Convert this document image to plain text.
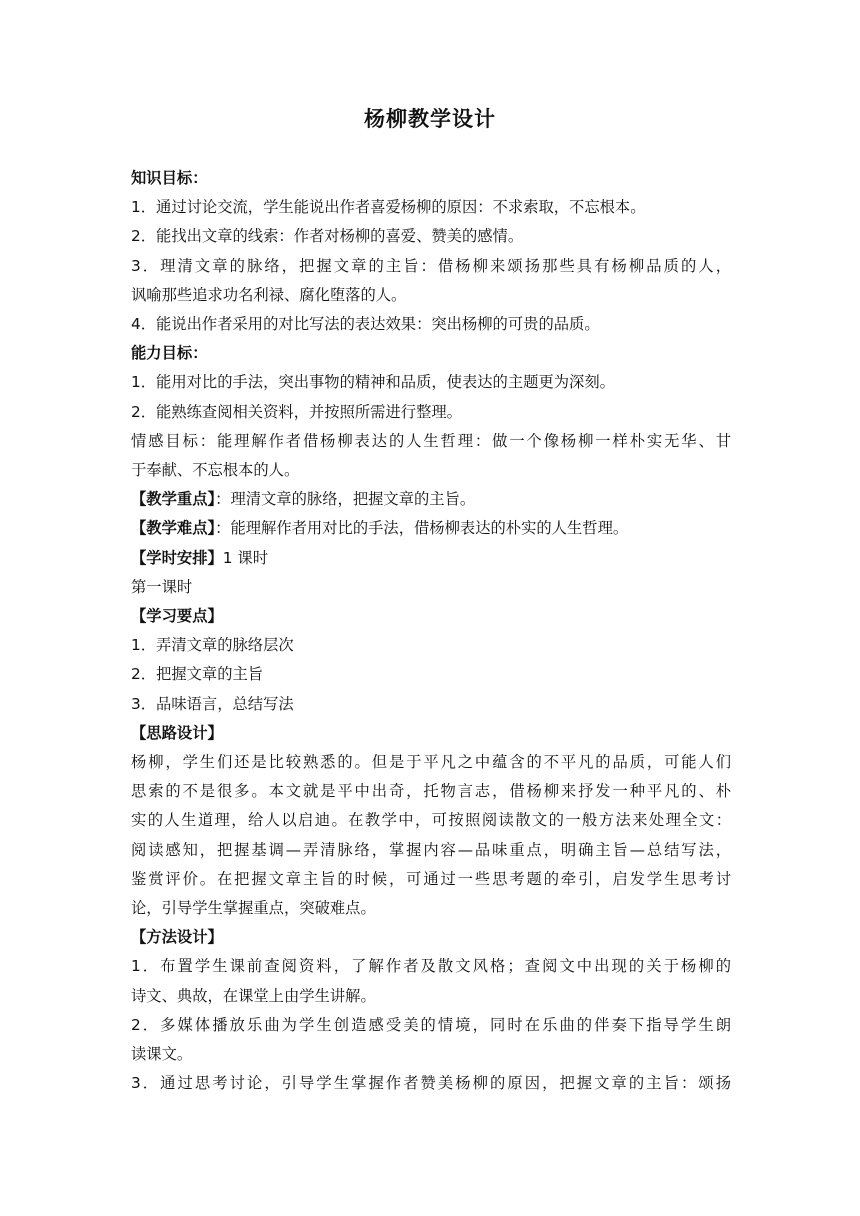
杨柳教学设计
知识目标：
1．通过讨论交流，学生能说出作者喜爱杨柳的原因：不求索取，不忘根本。
2．能找出文章的线索：作者对杨柳的喜爱、赞美的感情。
3．理清文章的脉络，把握文章的主旨：借杨柳来颂扬那些具有杨柳品质的人，
讽喻那些追求功名利禄、腐化堕落的人。
4．能说出作者采用的对比写法的表达效果：突出杨柳的可贵的品质。
能力目标：
1．能用对比的手法，突出事物的精神和品质，使表达的主题更为深刻。
2．能熟练查阅相关资料，并按照所需进行整理。
情感目标：能理解作者借杨柳表达的人生哲理：做一个像杨柳一样朴实无华、甘
于奉献、不忘根本的人。
【教学重点】：理清文章的脉络，把握文章的主旨。
【教学难点】：能理解作者用对比的手法，借杨柳表达的朴实的人生哲理。
【学时安排】1 课时
第一课时
【学习要点】
1．弄清文章的脉络层次
2．把握文章的主旨
3．品味语言，总结写法
【思路设计】
杨柳，学生们还是比较熟悉的。但是于平凡之中蕴含的不平凡的品质，可能人们
思索的不是很多。本文就是平中出奇，托物言志，借杨柳来抒发一种平凡的、朴
实的人生道理，给人以启迪。在教学中，可按照阅读散文的一般方法来处理全文：
阅读感知，把握基调—弄清脉络，掌握内容—品味重点，明确主旨—总结写法，
鉴赏评价。在把握文章主旨的时候，可通过一些思考题的牵引，启发学生思考讨
论，引导学生掌握重点，突破难点。
【方法设计】
1．布置学生课前查阅资料，了解作者及散文风格；查阅文中出现的关于杨柳的
诗文、典故，在课堂上由学生讲解。
2．多媒体播放乐曲为学生创造感受美的情境，同时在乐曲的伴奏下指导学生朗
读课文。
3．通过思考讨论，引导学生掌握作者赞美杨柳的原因，把握文章的主旨：颂扬
